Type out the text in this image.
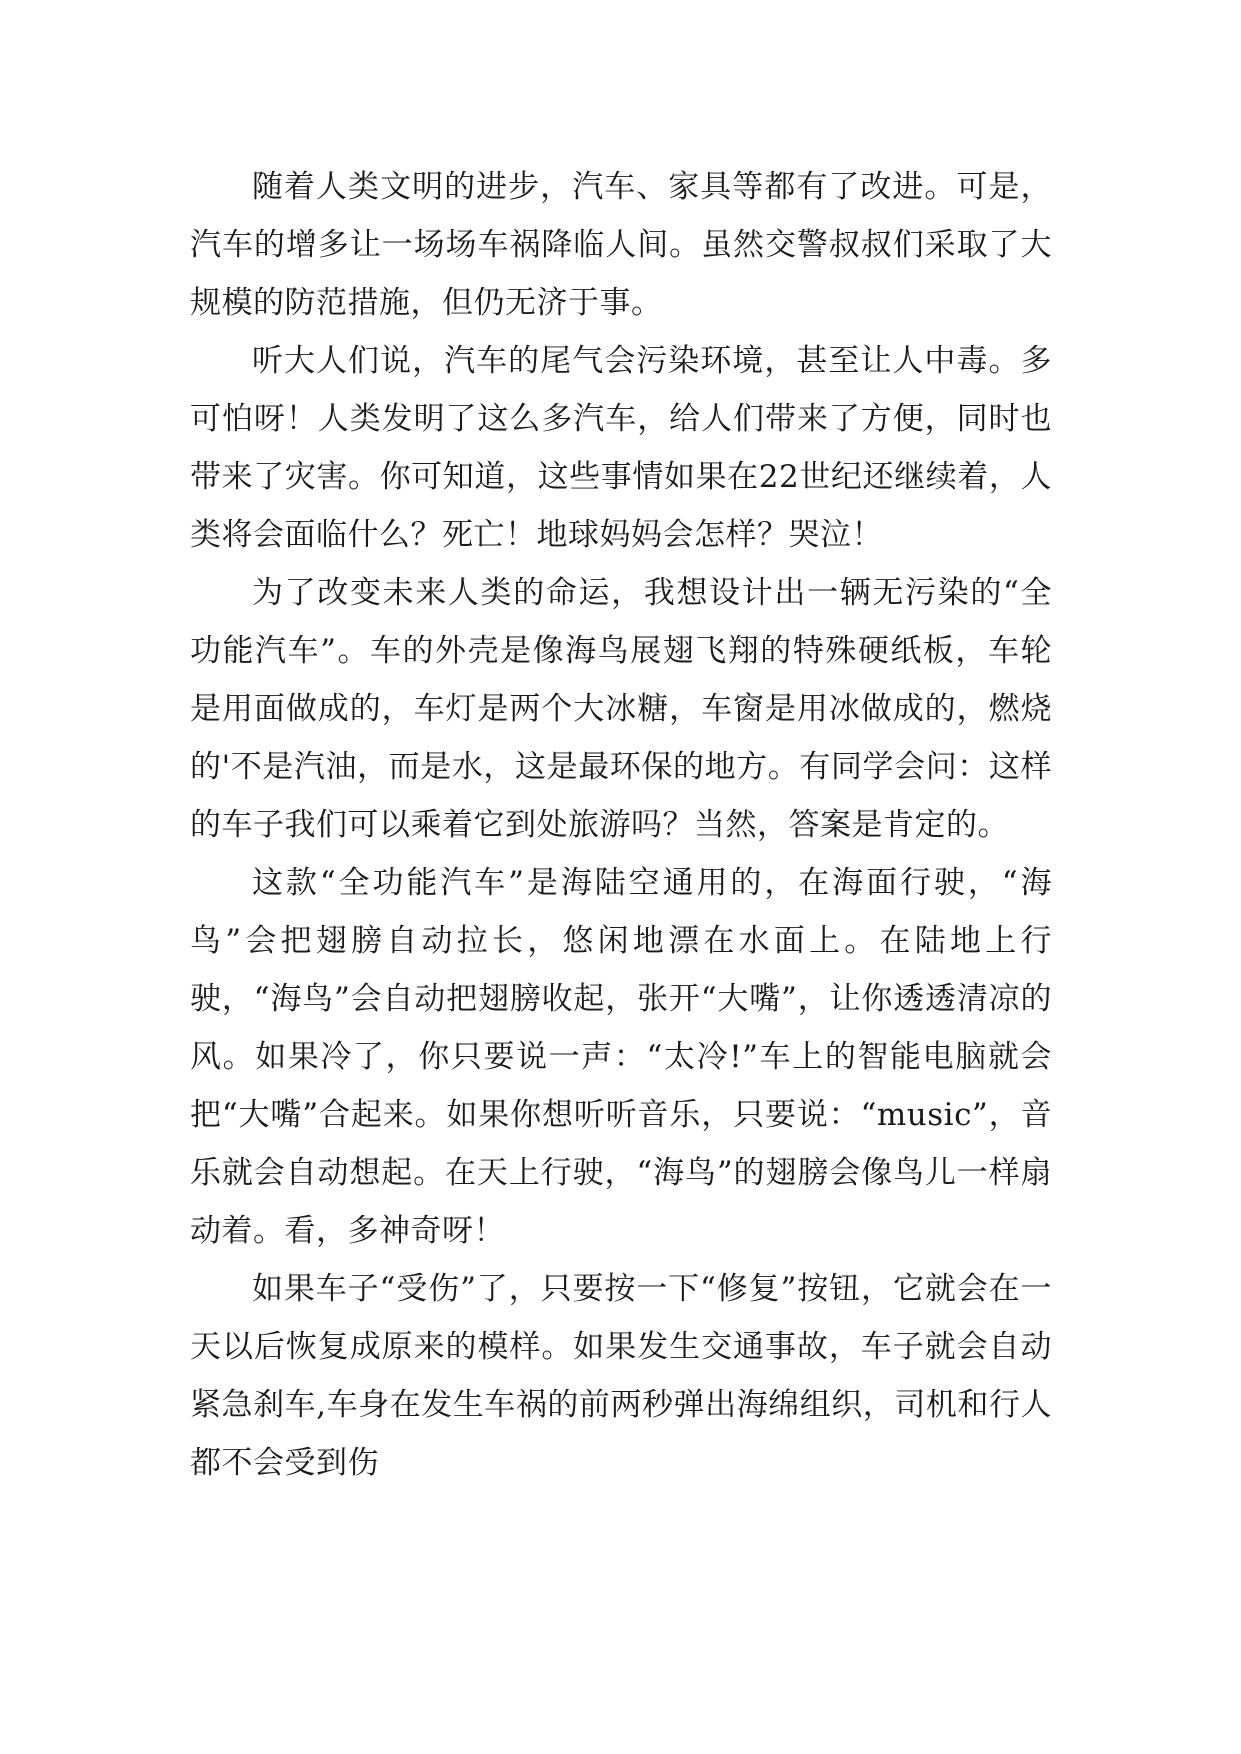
随着人类文明的进步，汽车、家具等都有了改进。可是，汽车的增多让一场场车祸降临人间。虽然交警叔叔们采取了大规模的防范措施，但仍无济于事。

听大人们说，汽车的尾气会污染环境，甚至让人中毒。多可怕呀！人类发明了这么多汽车，给人们带来了方便，同时也带来了灾害。你可知道，这些事情如果在22世纪还继续着，人类将会面临什么？死亡！地球妈妈会怎样？哭泣！

为了改变未来人类的命运，我想设计出一辆无污染的“全功能汽车”。车的外壳是像海鸟展翅飞翔的特殊硬纸板，车轮是用面做成的，车灯是两个大冰糖，车窗是用冰做成的，燃烧的'不是汽油，而是水，这是最环保的地方。有同学会问：这样的车子我们可以乘着它到处旅游吗？当然，答案是肯定的。

这款“全功能汽车”是海陆空通用的，在海面行驶，“海鸟”会把翅膀自动拉长，悠闲地漂在水面上。在陆地上行驶，“海鸟”会自动把翅膀收起，张开“大嘴”，让你透透清凉的风。如果冷了，你只要说一声：“太冷!”车上的智能电脑就会把“大嘴”合起来。如果你想听听音乐，只要说：“music”，音乐就会自动想起。在天上行驶，“海鸟”的翅膀会像鸟儿一样扇动着。看，多神奇呀！

如果车子“受伤”了，只要按一下“修复”按钮，它就会在一天以后恢复成原来的模样。如果发生交通事故，车子就会自动紧急刹车,车身在发生车祸的前两秒弹出海绵组织，司机和行人都不会受到伤
